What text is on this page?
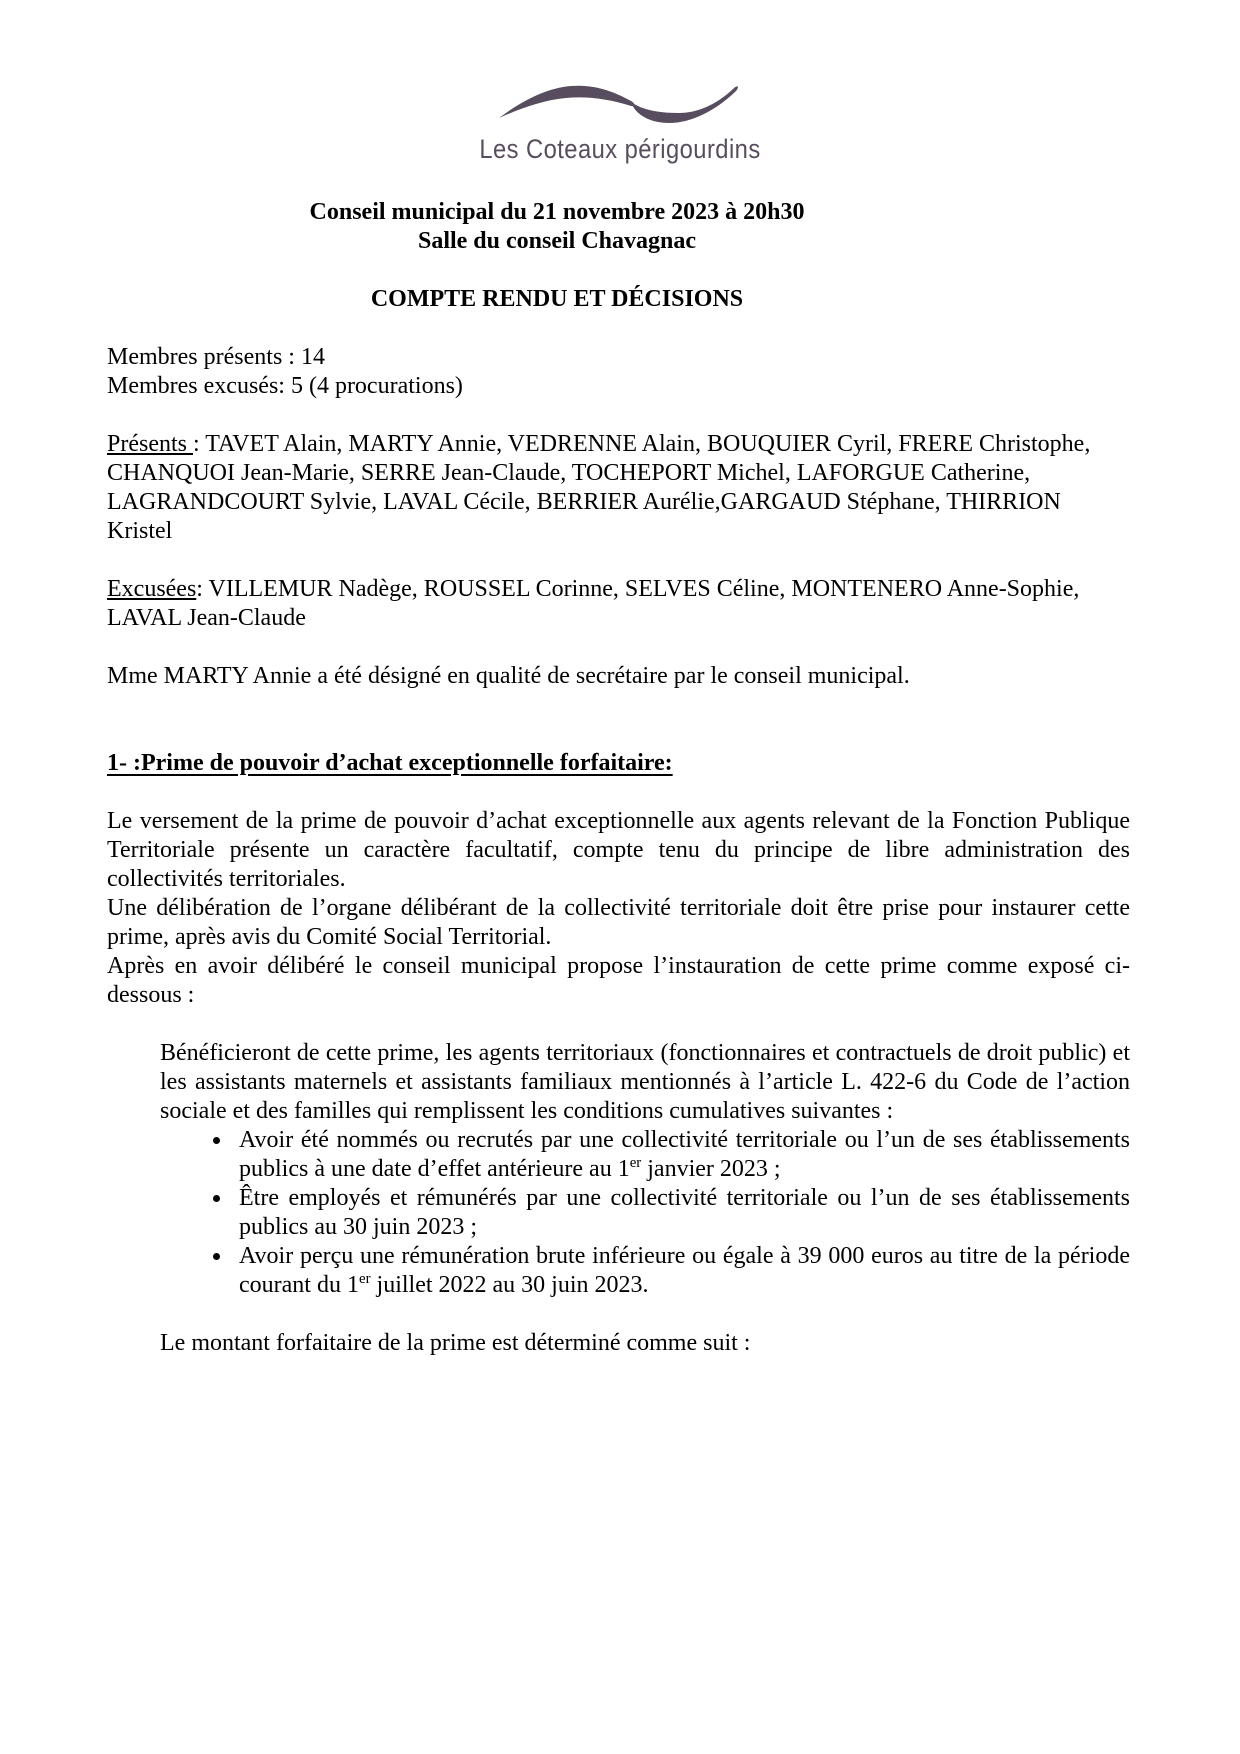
Les Coteaux périgourdins

Conseil municipal du 21 novembre 2023 à 20h30

Salle du conseil Chavagnac

COMPTE RENDU ET DÉCISIONS

Membres présents : 14

Membres excusés: 5 (4 procurations)

Présents : TAVET Alain, MARTY Annie, VEDRENNE Alain, BOUQUIER Cyril, FRERE Christophe, CHANQUOI Jean-Marie, SERRE Jean-Claude, TOCHEPORT Michel, LAFORGUE Catherine, LAGRANDCOURT Sylvie, LAVAL Cécile, BERRIER Aurélie,GARGAUD Stéphane, THIRRION Kristel

Excusées: VILLEMUR Nadège, ROUSSEL Corinne, SELVES Céline, MONTENERO Anne-Sophie, LAVAL Jean-Claude

Mme MARTY Annie a été désigné en qualité de secrétaire par le conseil municipal.

1- :Prime de pouvoir d’achat exceptionnelle forfaitaire:

Le versement de la prime de pouvoir d’achat exceptionnelle aux agents relevant de la Fonction Publique Territoriale présente un caractère facultatif, compte tenu du principe de libre administration des collectivités territoriales.

Une délibération de l’organe délibérant de la collectivité territoriale doit être prise pour instaurer cette prime, après avis du Comité Social Territorial.

Après en avoir délibéré le conseil municipal propose l’instauration de cette prime comme exposé ci-dessous :

Bénéficieront de cette prime, les agents territoriaux (fonctionnaires et contractuels de droit public) et les assistants maternels et assistants familiaux mentionnés à l’article L. 422-6 du Code de l’action sociale et des familles qui remplissent les conditions cumulatives suivantes :

• Avoir été nommés ou recrutés par une collectivité territoriale ou l’un de ses établissements publics à une date d’effet antérieure au 1er janvier 2023 ;
• Être employés et rémunérés par une collectivité territoriale ou l’un de ses établissements publics au 30 juin 2023 ;
• Avoir perçu une rémunération brute inférieure ou égale à 39 000 euros au titre de la période courant du 1er juillet 2022 au 30 juin 2023.

Le montant forfaitaire de la prime est déterminé comme suit :
